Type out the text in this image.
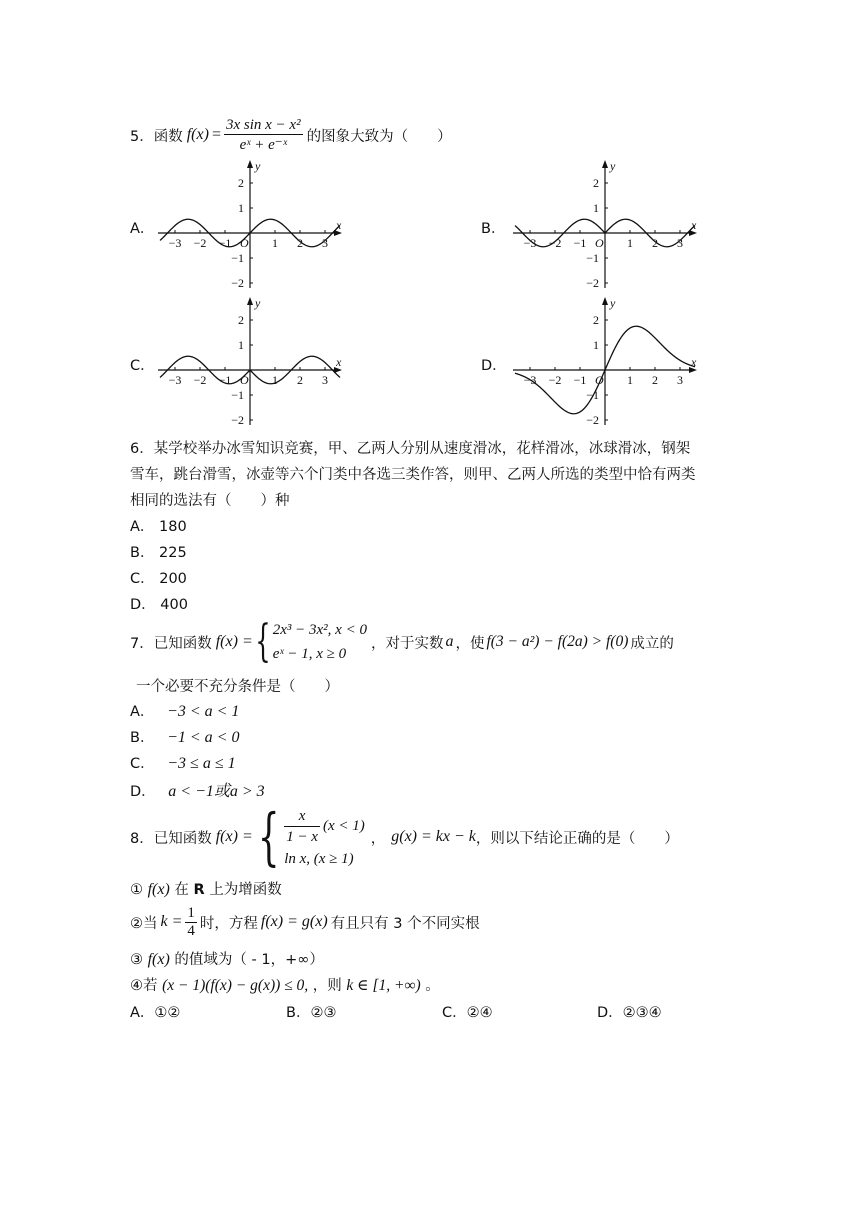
5．函数 $f(x) = \frac{\text{3x sin x − x²}}{\text{eˣ + e⁻ˣ}}$ 的图象大致为（　　）
A．	B．
C．	D．
−3 −2 −1	1 2 3
2
1
−1
−2
x
y
O	−3 −2 −1	1 2 3
2
1
−1
−2
x
y
O
−3 −2 −1	1 2 3
2
1
−1
−2
x
y
O	−3 −2 −1	1 2 3
2
1
−1
−2
x
y
O
6．某学校举办冰雪知识竞赛，甲、乙两人分别从速度滑冰，花样滑冰，冰球滑冰，钢架
雪车，跳台滑雪，冰壶等六个门类中各选三类作答，则甲、乙两人所选的类型中恰有两类
相同的选法有（　　）种
A． 180
B． 225
C． 200
D． 400
7．已知函数 f(x) = { 2x³ − 3x², x < 0
eˣ − 1, x ≥ 0
，对于实数 a ，使 f(3 − a²) − f(2a) > f(0) 成立的
一个必要不充分条件是（　　）
A． −3 < a < 1
B． −1 < a < 0
C． −3 ≤ a ≤ 1
D． a < −1或a > 3
8．已知函数 f(x) = { $\frac{x}{1 - x} (x < 1)$
ln x, (x ≥ 1)
， g(x) = kx − k ，则以下结论正确的是（　　）
① f(x) 在 R 上为增函数
②当 $k = \frac{1}{4}$ 时，方程 f(x) = g(x) 有且只有 3 个不同实根
③ f(x) 的值域为（ - 1，+∞）
④若 (x − 1)(f(x) − g(x)) ≤ 0, ，则 k ∈ [1, +∞) 。
A．①②	B．②③	C．②④	D．②③④
